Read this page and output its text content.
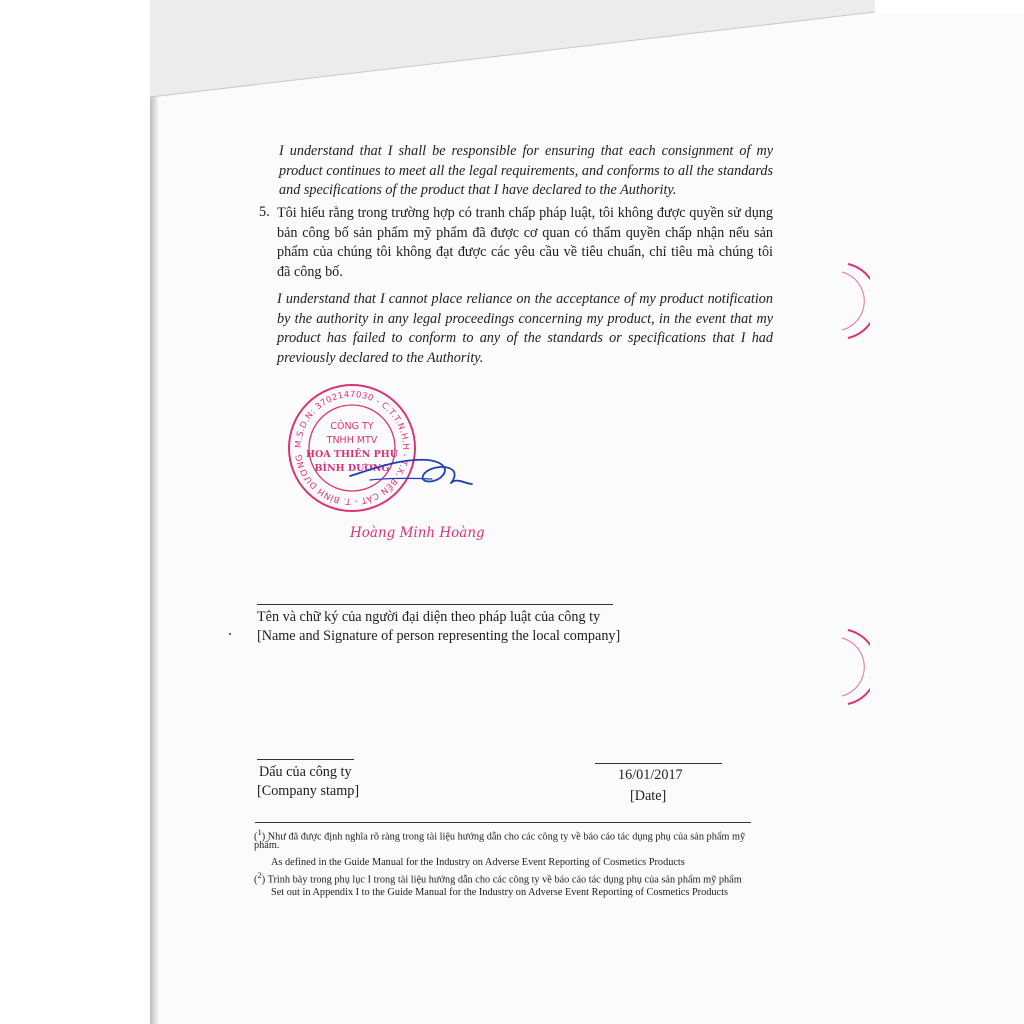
I understand that I shall be responsible for ensuring that each consignment of my product continues to meet all the legal requirements, and conforms to all the standards and specifications of the product that I have declared to the Authority.
5. Tôi hiểu rằng trong trường hợp có tranh chấp pháp luật, tôi không được quyền sử dụng bản công bố sản phẩm mỹ phẩm đã được cơ quan có thẩm quyền chấp nhận nếu sản phẩm của chúng tôi không đạt được các yêu cầu về tiêu chuẩn, chỉ tiêu mà chúng tôi đã công bố.
I understand that I cannot place reliance on the acceptance of my product notification by the authority in any legal proceedings concerning my product, in the event that my product has failed to conform to any of the standards or specifications that I had previously declared to the Authority.
M.S.D.N: 3702147030 - C.T.T.N.H.H - T.X. BẾN CÁT - T. BÌNH DƯƠNG
CÔNG TY
TNHH MTV
HOA THIÊN PHÚ
BÌNH DƯƠNG
Hoàng Minh Hoàng
Tên và chữ ký của người đại diện theo pháp luật của công ty
[Name and Signature of person representing the local company]
Dấu của công ty
[Company stamp]
16/01/2017
[Date]
($^1$) Như đã được định nghĩa rõ ràng trong tài liệu hướng dẫn cho các công ty về báo cáo tác dụng phụ của sản phẩm mỹ
phẩm.
As defined in the Guide Manual for the Industry on Adverse Event Reporting of Cosmetics Products
($^2$) Trình bày trong phụ lục I trong tài liệu hướng dẫn cho các công ty về báo cáo tác dụng phụ của sản phẩm mỹ phẩm
Set out in Appendix I to the Guide Manual for the Industry on Adverse Event Reporting of Cosmetics Products
